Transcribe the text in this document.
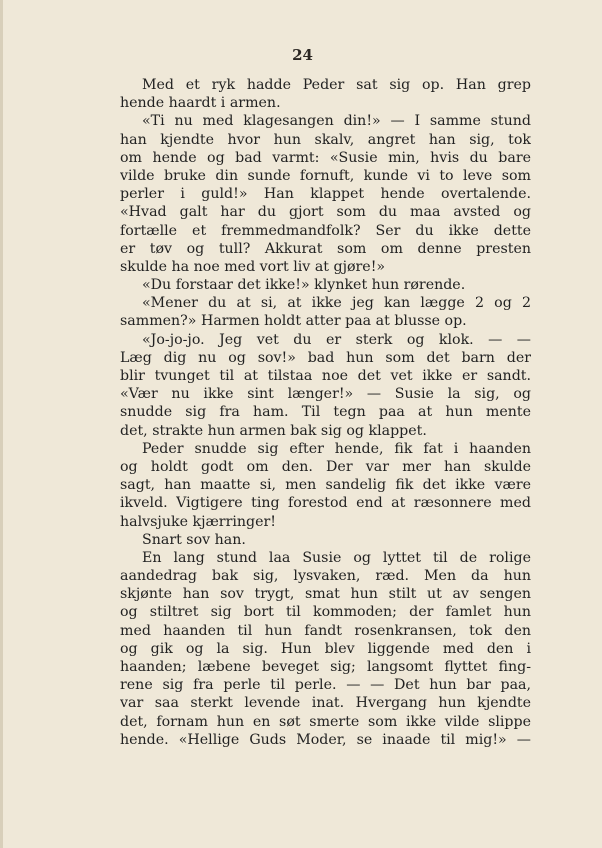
24
Med et ryk hadde Peder sat sig op. Han grep
hende haardt i armen.
«Ti nu med klagesangen din!» — I samme stund
han kjendte hvor hun skalv, angret han sig, tok
om hende og bad varmt: «Susie min, hvis du bare
vilde bruke din sunde fornuft, kunde vi to leve som
perler i guld!» Han klappet hende overtalende.
«Hvad galt har du gjort som du maa avsted og
fortælle et fremmedmandfolk? Ser du ikke dette
er tøv og tull? Akkurat som om denne presten
skulde ha noe med vort liv at gjøre!»
«Du forstaar det ikke!» klynket hun rørende.
«Mener du at si, at ikke jeg kan lægge 2 og 2
sammen?» Harmen holdt atter paa at blusse op.
«Jo-jo-jo. Jeg vet du er sterk og klok. — —
Læg dig nu og sov!» bad hun som det barn der
blir tvunget til at tilstaa noe det vet ikke er sandt.
«Vær nu ikke sint længer!» — Susie la sig, og
snudde sig fra ham. Til tegn paa at hun mente
det, strakte hun armen bak sig og klappet.
Peder snudde sig efter hende, fik fat i haanden
og holdt godt om den. Der var mer han skulde
sagt, han maatte si, men sandelig fik det ikke være
ikveld. Vigtigere ting forestod end at ræsonnere med
halvsjuke kjærringer!
Snart sov han.
En lang stund laa Susie og lyttet til de rolige
aandedrag bak sig, lysvaken, ræd. Men da hun
skjønte han sov trygt, smat hun stilt ut av sengen
og stiltret sig bort til kommoden; der famlet hun
med haanden til hun fandt rosenkransen, tok den
og gik og la sig. Hun blev liggende med den i
haanden; læbene beveget sig; langsomt flyttet fing-
rene sig fra perle til perle. — — Det hun bar paa,
var saa sterkt levende inat. Hvergang hun kjendte
det, fornam hun en søt smerte som ikke vilde slippe
hende. «Hellige Guds Moder, se inaade til mig!» —
